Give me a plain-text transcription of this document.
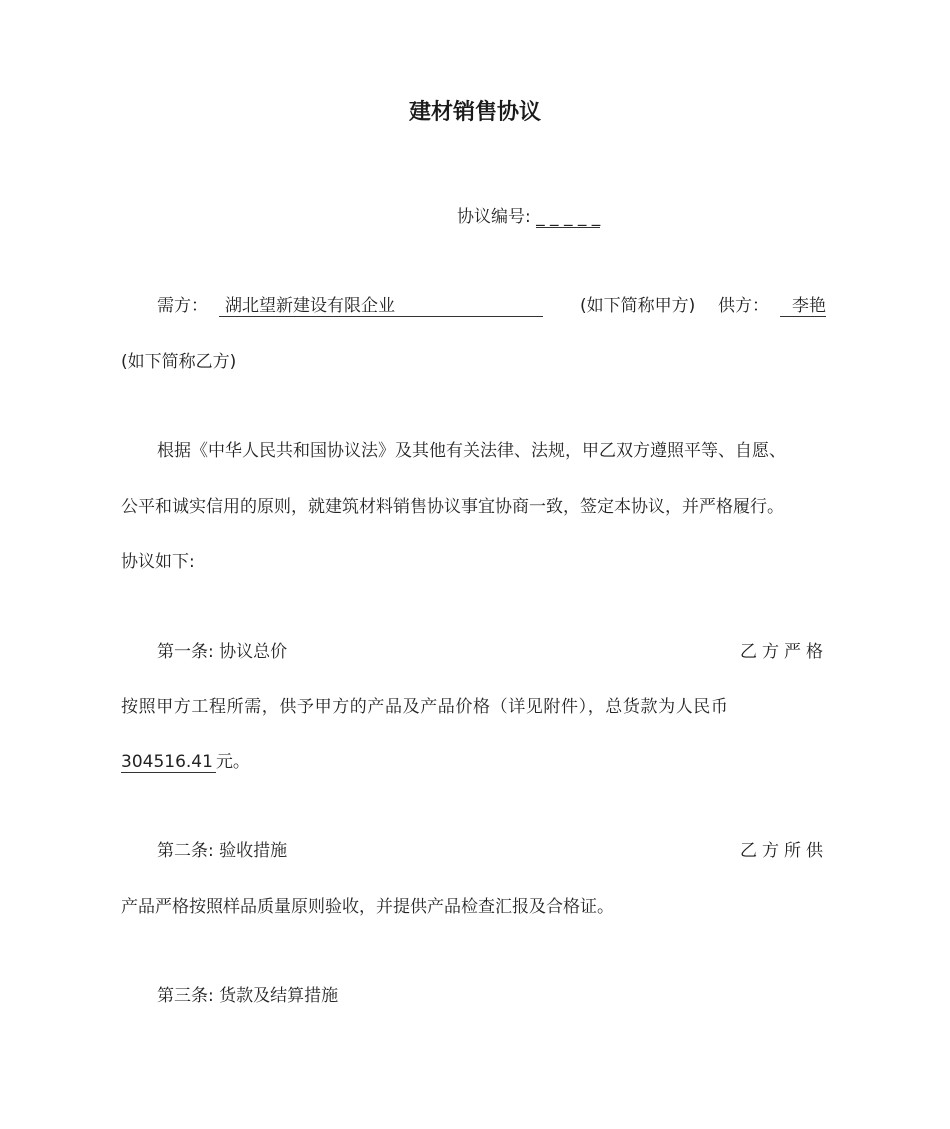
建材销售协议
协议编号: _ _ _ _ _
需方：	湖北望新建设有限企业	(如下简称甲方) 供方：	李艳
(如下简称乙方)
根据《中华人民共和国协议法》及其他有关法律、法规，甲乙双方遵照平等、自愿、
公平和诚实信用的原则，就建筑材料销售协议事宜协商一致，签定本协议，并严格履行。
协议如下:
第一条: 协议总价	乙方严格
按照甲方工程所需，供予甲方的产品及产品价格（详见附件），总货款为人民币
304516.41 元。
第二条: 验收措施	乙方所供
产品严格按照样品质量原则验收，并提供产品检查汇报及合格证。
第三条: 货款及结算措施
